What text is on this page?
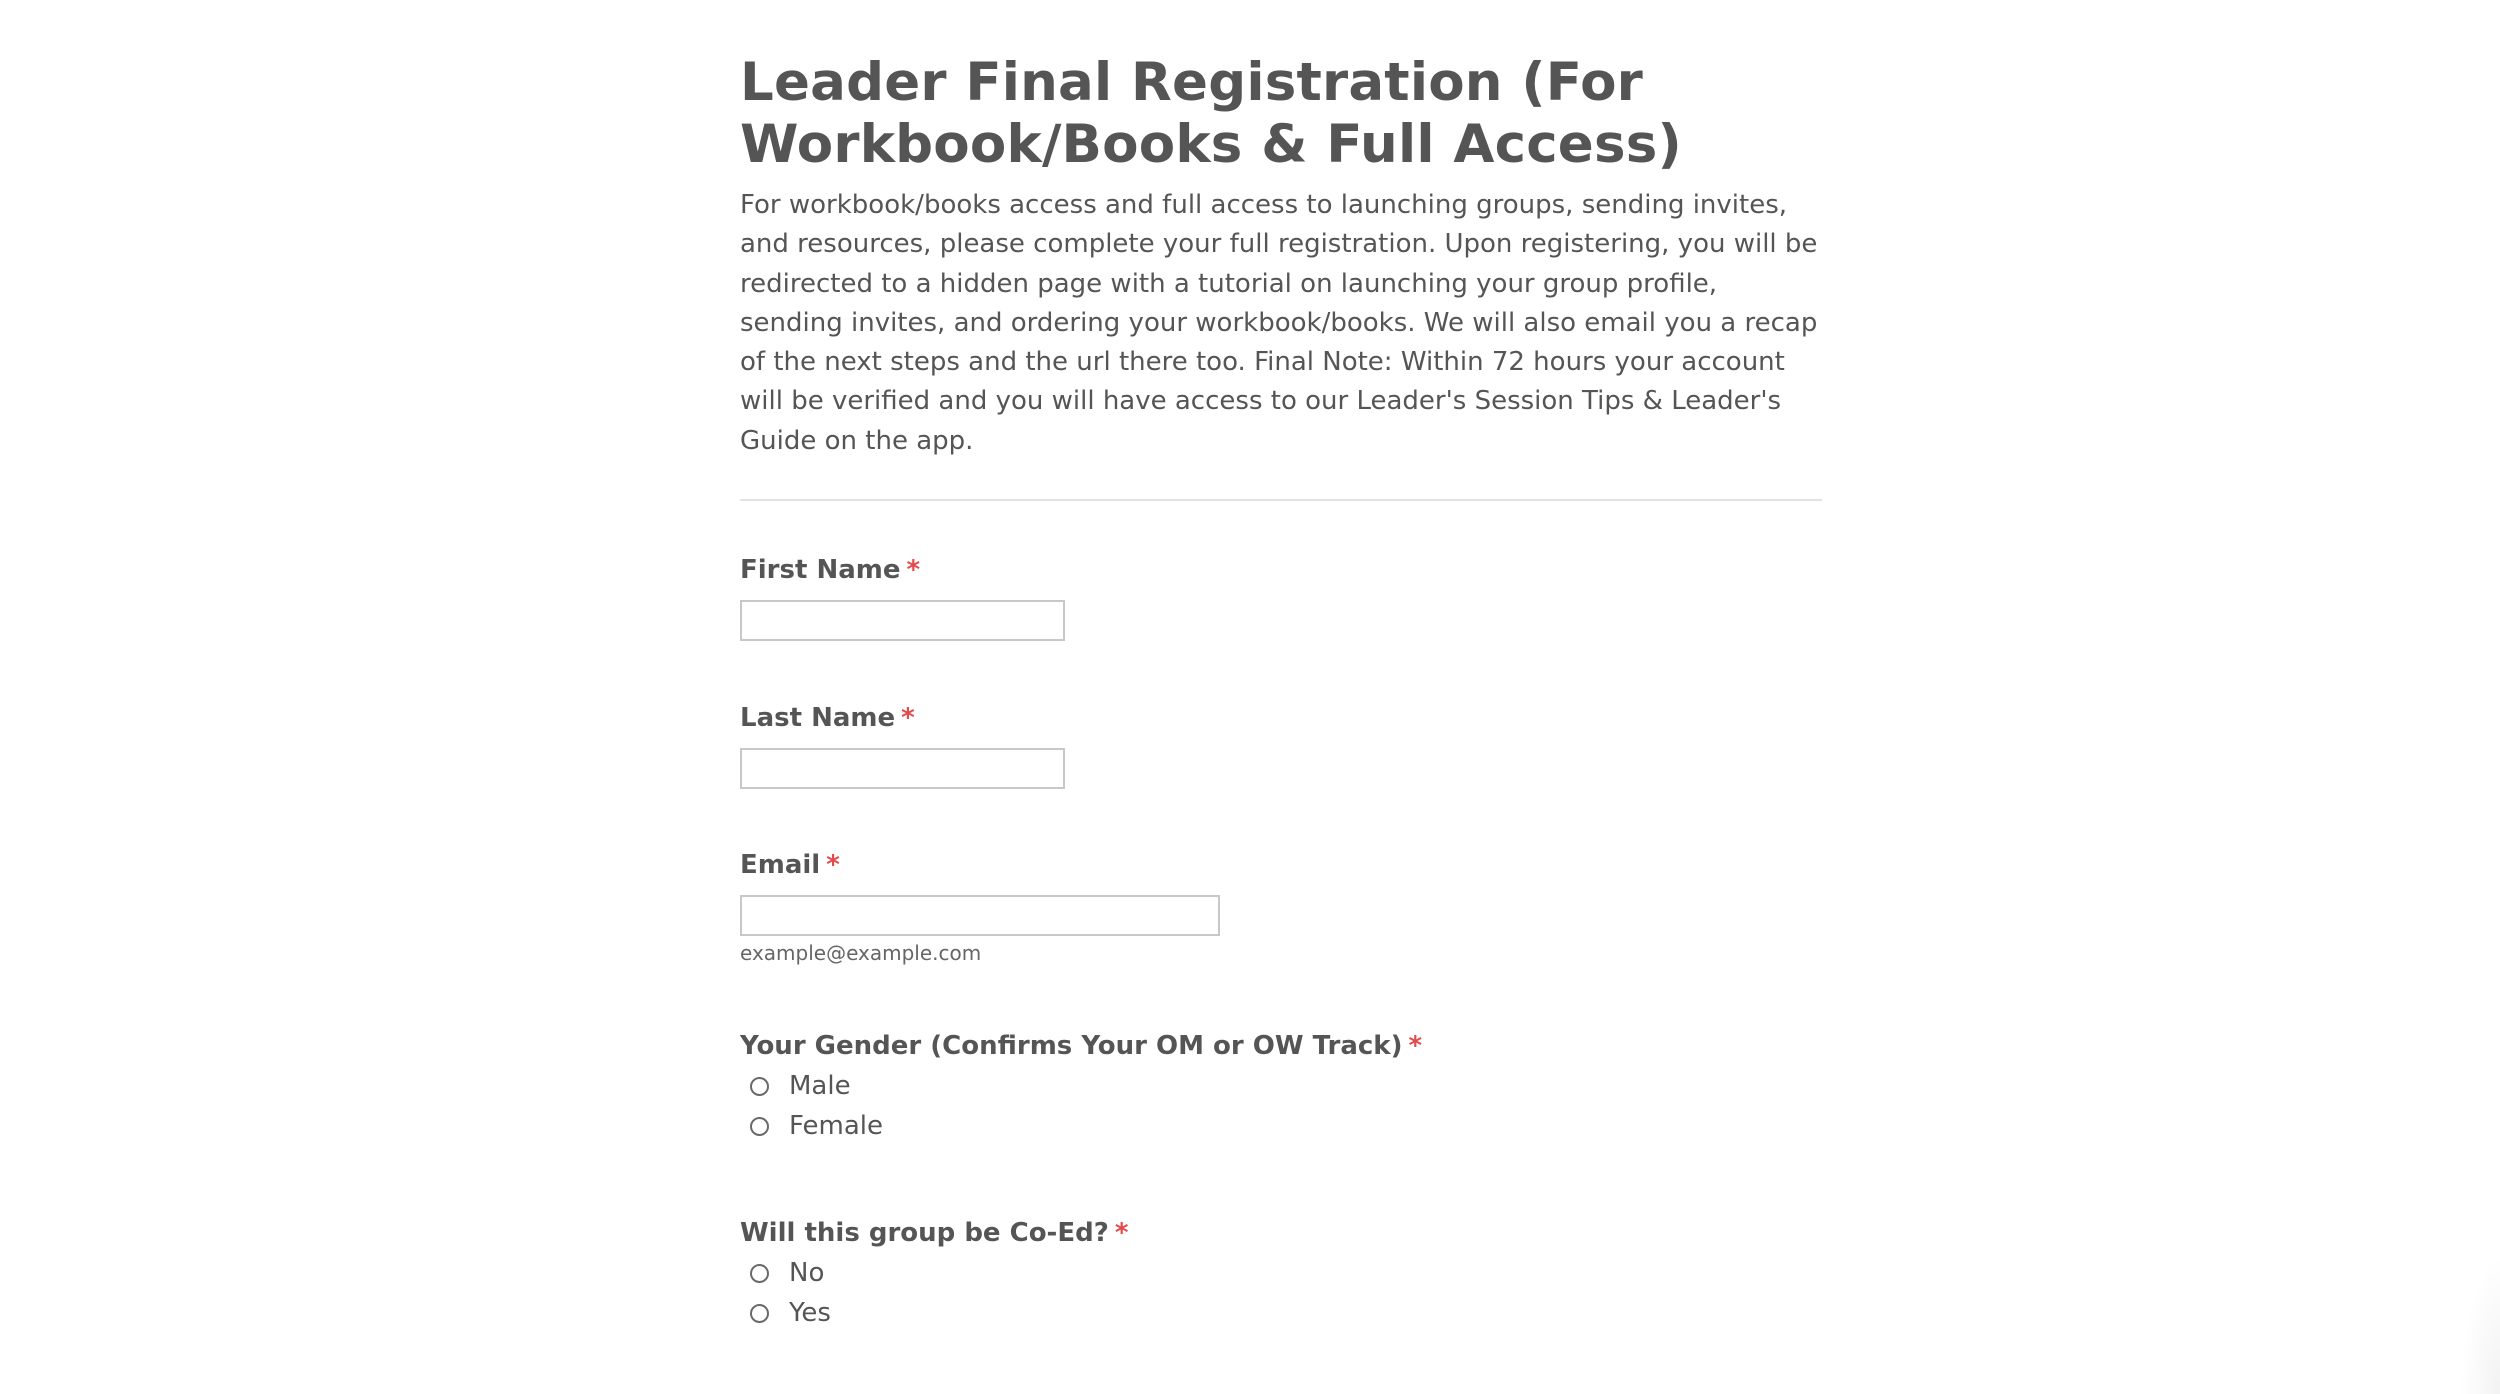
Leader Final Registration (For Workbook/Books & Full Access)

For workbook/books access and full access to launching groups, sending invites, and resources, please complete your full registration. Upon registering, you will be redirected to a hidden page with a tutorial on launching your group profile, sending invites, and ordering your workbook/books. We will also email you a recap of the next steps and the url there too. Final Note: Within 72 hours your account will be verified and you will have access to our Leader's Session Tips & Leader's Guide on the app.

First Name *
Last Name *
Email *
example@example.com
Your Gender (Confirms Your OM or OW Track) *
Male
Female
Will this group be Co-Ed? *
No
Yes
